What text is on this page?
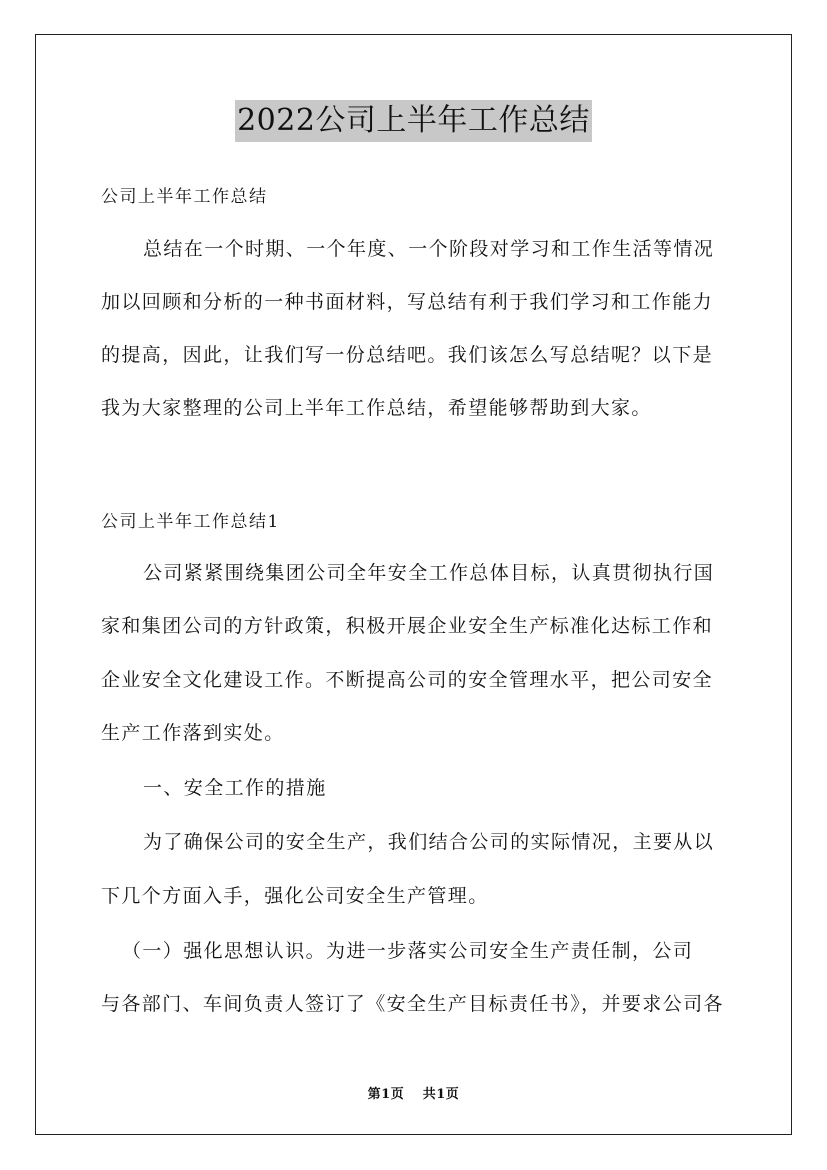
2022公司上半年工作总结
公司上半年工作总结
总结在一个时期、一个年度、一个阶段对学习和工作生活等情况
加以回顾和分析的一种书面材料，写总结有利于我们学习和工作能力
的提高，因此，让我们写一份总结吧。我们该怎么写总结呢？以下是
我为大家整理的公司上半年工作总结，希望能够帮助到大家。
公司上半年工作总结1
公司紧紧围绕集团公司全年安全工作总体目标，认真贯彻执行国
家和集团公司的方针政策，积极开展企业安全生产标准化达标工作和
企业安全文化建设工作。不断提高公司的安全管理水平，把公司安全
生产工作落到实处。
一、安全工作的措施
为了确保公司的安全生产，我们结合公司的实际情况，主要从以
下几个方面入手，强化公司安全生产管理。
（一）强化思想认识。为进一步落实公司安全生产责任制，公司
与各部门、车间负责人签订了《安全生产目标责任书》，并要求公司各
第1页 共1页
